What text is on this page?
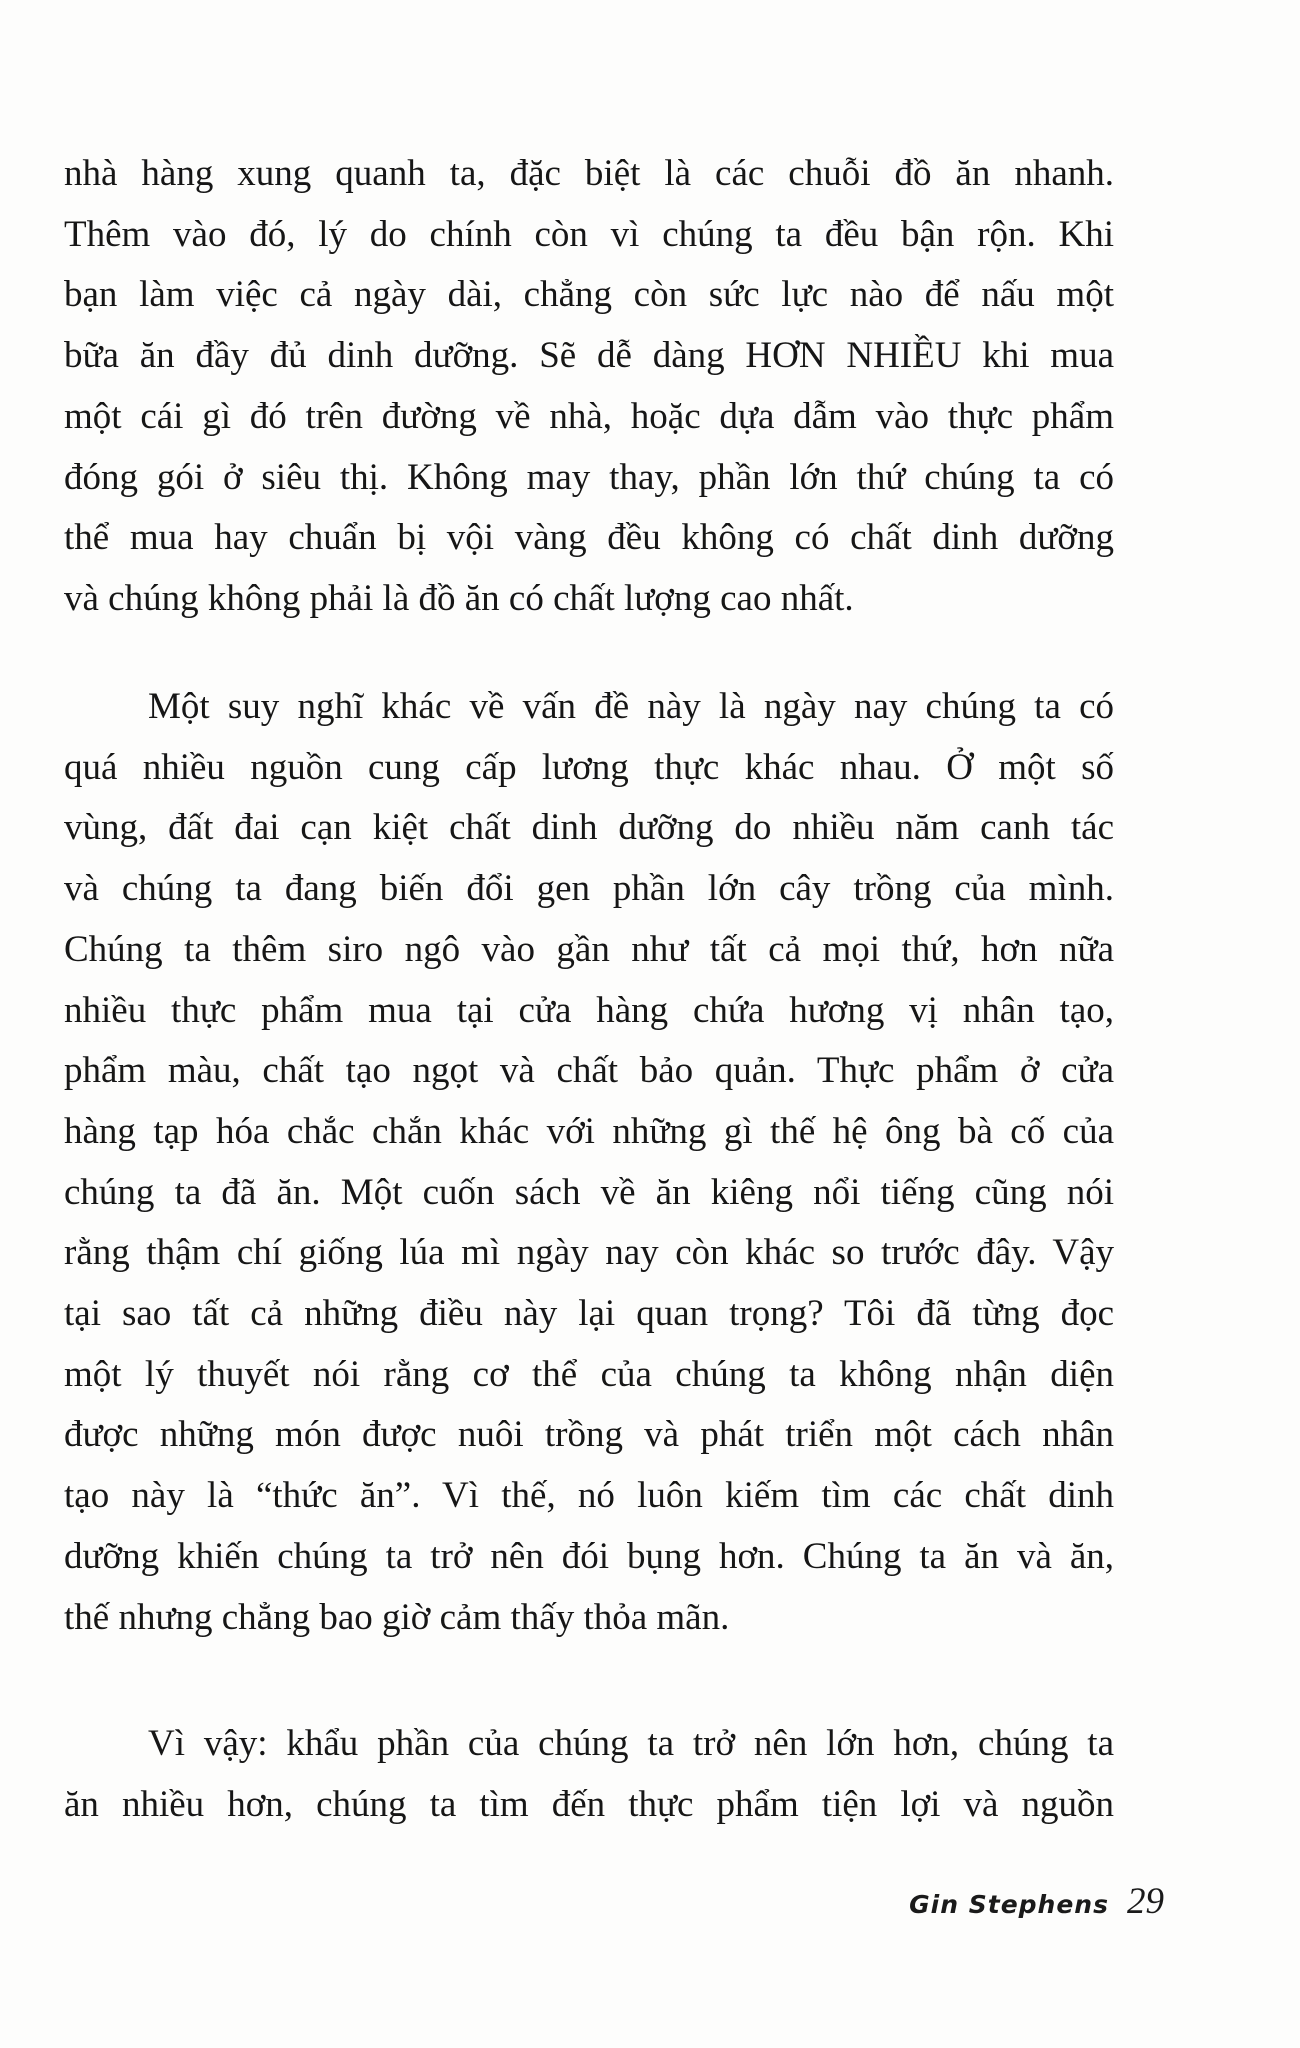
nhà hàng xung quanh ta, đặc biệt là các chuỗi đồ ăn nhanh.
Thêm vào đó, lý do chính còn vì chúng ta đều bận rộn. Khi
bạn làm việc cả ngày dài, chẳng còn sức lực nào để nấu một
bữa ăn đầy đủ dinh dưỡng. Sẽ dễ dàng HƠN NHIỀU khi mua
một cái gì đó trên đường về nhà, hoặc dựa dẫm vào thực phẩm
đóng gói ở siêu thị. Không may thay, phần lớn thứ chúng ta có
thể mua hay chuẩn bị vội vàng đều không có chất dinh dưỡng
và chúng không phải là đồ ăn có chất lượng cao nhất.
Một suy nghĩ khác về vấn đề này là ngày nay chúng ta có
quá nhiều nguồn cung cấp lương thực khác nhau. Ở một số
vùng, đất đai cạn kiệt chất dinh dưỡng do nhiều năm canh tác
và chúng ta đang biến đổi gen phần lớn cây trồng của mình.
Chúng ta thêm siro ngô vào gần như tất cả mọi thứ, hơn nữa
nhiều thực phẩm mua tại cửa hàng chứa hương vị nhân tạo,
phẩm màu, chất tạo ngọt và chất bảo quản. Thực phẩm ở cửa
hàng tạp hóa chắc chắn khác với những gì thế hệ ông bà cố của
chúng ta đã ăn. Một cuốn sách về ăn kiêng nổi tiếng cũng nói
rằng thậm chí giống lúa mì ngày nay còn khác so trước đây. Vậy
tại sao tất cả những điều này lại quan trọng? Tôi đã từng đọc
một lý thuyết nói rằng cơ thể của chúng ta không nhận diện
được những món được nuôi trồng và phát triển một cách nhân
tạo này là “thức ăn”. Vì thế, nó luôn kiếm tìm các chất dinh
dưỡng khiến chúng ta trở nên đói bụng hơn. Chúng ta ăn và ăn,
thế nhưng chẳng bao giờ cảm thấy thỏa mãn.
Vì vậy: khẩu phần của chúng ta trở nên lớn hơn, chúng ta
ăn nhiều hơn, chúng ta tìm đến thực phẩm tiện lợi và nguồn
Gin Stephens 29
